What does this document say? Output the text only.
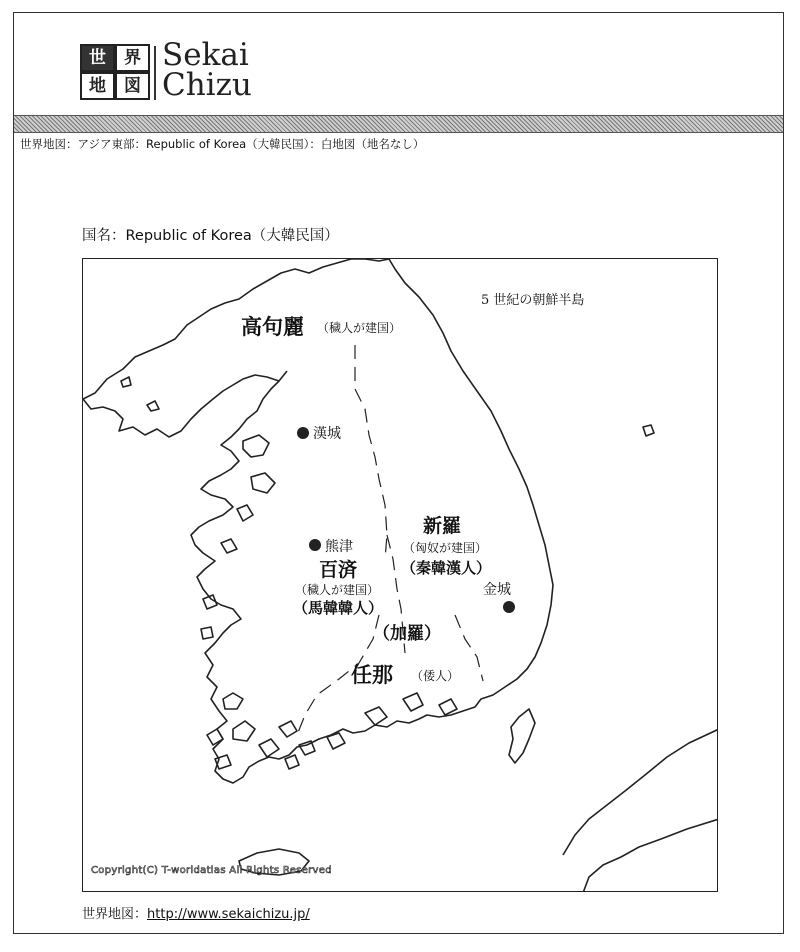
世	界
地	図
Sekai
Chizu
世界地図：アジア東部：Republic of Korea（大韓民国）：白地図（地名なし）
国名：Republic of Korea（大韓民国）
5 世紀の朝鮮半島
高句麗 （穢人が建国）
漢城
新羅
（匈奴が建国）
（秦韓漢人）
熊津
百済
（穢人が建国）
（馬韓韓人）
金城
（加羅）
任那 （倭人）
Copyright(C) T-worldatlas All Rights Reserved
世界地図：http://www.sekaichizu.jp/
